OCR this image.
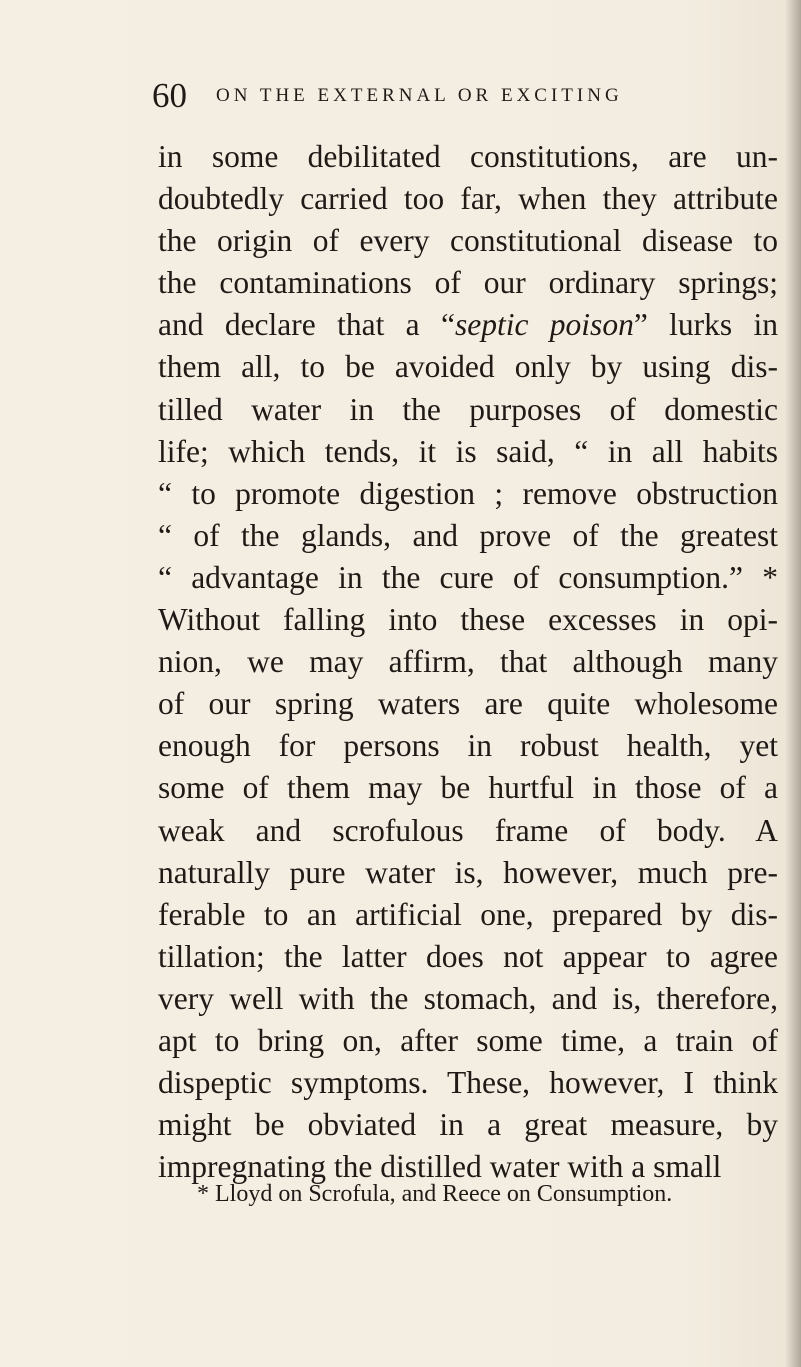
60 ON THE EXTERNAL OR EXCITING
in some debilitated constitutions, are un-
doubtedly carried too far, when they attribute
the origin of every constitutional disease to
the contaminations of our ordinary springs;
and declare that a “septic poison” lurks in
them all, to be avoided only by using dis-
tilled water in the purposes of domestic
life; which tends, it is said, “ in all habits
“ to promote digestion ; remove obstruction
“ of the glands, and prove of the greatest
“ advantage in the cure of consumption.” *
Without falling into these excesses in opi-
nion, we may affirm, that although many
of our spring waters are quite wholesome
enough for persons in robust health, yet
some of them may be hurtful in those of a
weak and scrofulous frame of body. A
naturally pure water is, however, much pre-
ferable to an artificial one, prepared by dis-
tillation; the latter does not appear to agree
very well with the stomach, and is, therefore,
apt to bring on, after some time, a train of
dispeptic symptoms. These, however, I think
might be obviated in a great measure, by
impregnating the distilled water with a small
* Lloyd on Scrofula, and Reece on Consumption.
